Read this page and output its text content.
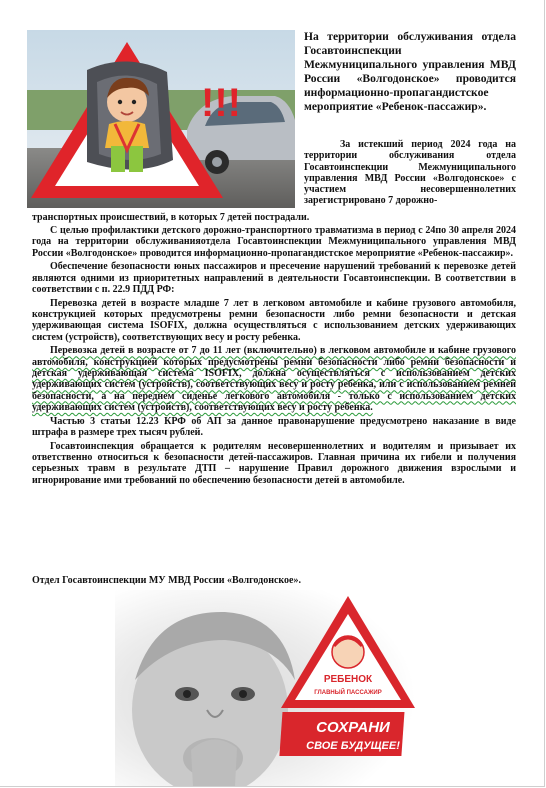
!!!
На территории обслуживания отдела Госавтоинспекции Межмуниципального управления МВД России «Волгодонское» проводится информационно-пропагандистское мероприятие «Ребенок-пассажир».
За истекший период 2024 года на территории обслуживания отдела Госавтоинспекции Межмуниципального управления МВД России «Волгодонское» с участием несовершеннолетних зарегистрировано 7 дорожно-
транспортных происшествий, в которых 7 детей пострадали.

С целью профилактики детского дорожно-транспортного травматизма в период с 24по 30 апреля 2024 года на территории обслуживанияотдела Госавтоинспекции Межмуниципального управления МВД России «Волгодонское» проводится информационно-пропагандистское мероприятие «Ребенок-пассажир».

Обеспечение безопасности юных пассажиров и пресечение нарушений требований к перевозке детей являются одними из приоритетных направлений в деятельности Госавтоинспекции. В соответствии в соответствии с п. 22.9 ПДД РФ:

Перевозка детей в возрасте младше 7 лет в легковом автомобиле и кабине грузового автомобиля, конструкцией которых предусмотрены ремни безопасности либо ремни безопасности и детская удерживающая система ISOFIX, должна осуществляться с использованием детских удерживающих систем (устройств), соответствующих весу и росту ребенка.

Перевозка детей в возрасте от 7 до 11 лет (включительно) в легковом автомобиле и кабине грузового автомобиля, конструкцией которых предусмотрены ремни безопасности либо ремни безопасности и детская удерживающая система ISOFIX, должна осуществляться с использованием детских удерживающих систем (устройств), соответствующих весу и росту ребенка, или с использованием ремней безопасности, а на переднем сиденье легкового автомобиля - только с использованием детских удерживающих систем (устройств), соответствующих весу и росту ребенка.

Частью 3 статьи 12.23 КРФ об АП за данное правонарушение предусмотрено наказание в виде штрафа в размере трех тысяч рублей.

Госавтоинспекция обращается к родителям несовершеннолетних и водителям и призывает их ответственно относиться к безопасности детей-пассажиров. Главная причина их гибели и получения серьезных травм в результате ДТП – нарушение Правил дорожного движения взрослыми и игнорирование ими требований по обеспечению безопасности детей в автомобиле.

Отдел Госавтоинспекции МУ МВД России «Волгодонское».
РЕБЕНОК
ГЛАВНЫЙ ПАССАЖИР
СОХРАНИ
СВОЕ БУДУЩЕЕ!
